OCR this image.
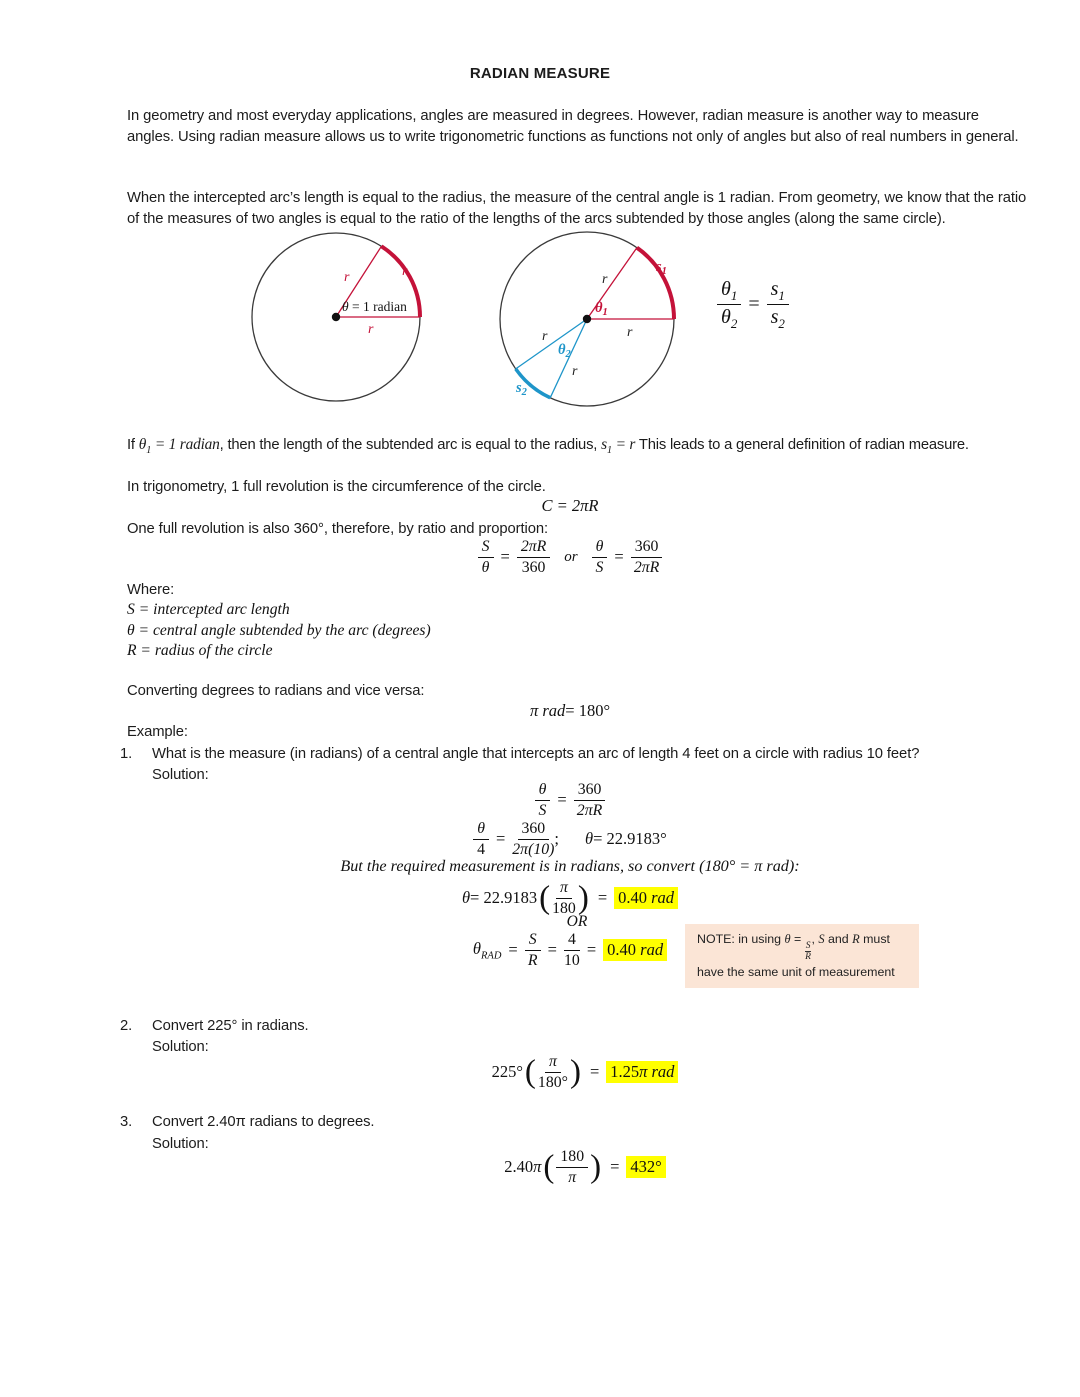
RADIAN MEASURE
In geometry and most everyday applications, angles are measured in degrees. However, radian measure is another way to measure angles. Using radian measure allows us to write trigonometric functions as functions not only of angles but also of real numbers in general.
When the intercepted arc’s length is equal to the radius, the measure of the central angle is 1 radian. From geometry, we know that the ratio of the measures of two angles is equal to the ratio of the lengths of the arcs subtended by those angles (along the same circle).
r	r
r
θ = 1 radian
r
r
$s_1$
$\theta_1$
r
$\theta_2$
r
$s_2$
$\frac{\theta_1}{\theta_2} = \frac{s_1}{s_2}$
If $\theta_1 = 1$ radian, then the length of the subtended arc is equal to the radius, $s_1 = r$ This leads to a general definition of radian measure.
In trigonometry, 1 full revolution is the circumference of the circle.
C = 2πR
One full revolution is also 360°, therefore, by ratio and proportion:
$\frac{S}{\theta} = \frac{2\pi R}{360}$ or $\frac{\theta}{S} = \frac{360}{2\pi R}$
Where:
S = intercepted arc length
θ = central angle subtended by the arc (degrees)
R = radius of the circle
Converting degrees to radians and vice versa:
π rad = 180°
Example:
1.	What is the measure (in radians) of a central angle that intercepts an arc of length 4 feet on a circle with radius 10 feet?
Solution:
$\frac{\theta}{S} = \frac{360}{2\pi R}$
$\frac{\theta}{4} = \frac{360}{2\pi(10)}$ ; θ = 22.9183°
But the required measurement is in radians, so convert (180° = π rad):
θ = 22.9183 ( $\frac{\pi}{180}$ ) = 0.40 rad
OR
$\theta_{RAD} = \frac{S}{R} = \frac{4}{10} = 0.40$ rad
NOTE: in using θ =
$\frac{S}{R}$
, S and R must
have the same unit of measurement
2.	Convert 225° in radians.
Solution:
225° ( $\frac{\pi}{180^\circ}$ ) = 1.25π rad
3.	Convert 2.40π radians to degrees.
Solution:
2.40 π ( $\frac{180}{\pi}$ ) = 432°
